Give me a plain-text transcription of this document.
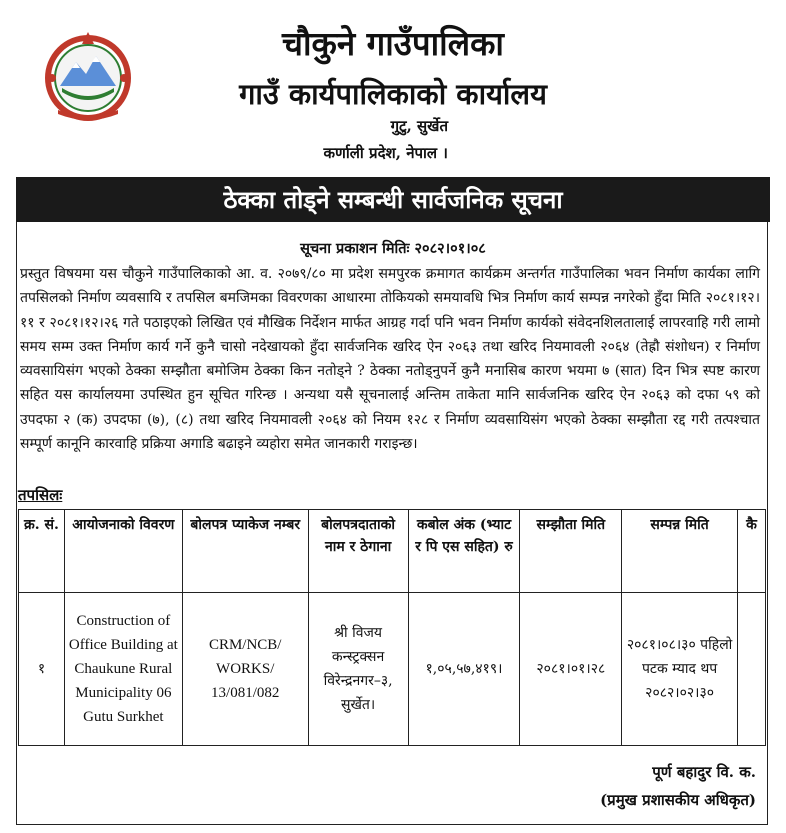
चौकुने गाउँपालिका
गाउँ कार्यपालिकाको कार्यालय
गुटु, सुर्खेत
कर्णाली प्रदेश, नेपाल ।
ठेक्का तोड्ने सम्बन्धी सार्वजनिक सूचना
सूचना प्रकाशन मितिः २०८२।०१।०८
प्रस्तुत विषयमा यस चौकुने गाउँपालिकाको आ. व. २०७९/८० मा प्रदेश समपुरक क्रमागत कार्यक्रम अन्तर्गत गाउँपालिका भवन निर्माण कार्यका लागि तपसिलको निर्माण व्यवसायि र तपसिल बमजिमका विवरणका आधारमा तोकियको समयावधि भित्र निर्माण कार्य सम्पन्न नगरेको हुँदा मिति २०८१।१२।११ र २०८१।१२।२६ गते पठाइएको लिखित एवं मौखिक निर्देशन मार्फत आग्रह गर्दा पनि भवन निर्माण कार्यको संवेदनशिलतालाई लापरवाहि गरी लामो समय सम्म उक्त निर्माण कार्य गर्ने कुनै चासो नदेखायको हुँदा सार्वजनिक खरिद ऐन २०६३ तथा खरिद नियमावली २०६४ (तेह्रौ संशोधन) र निर्माण व्यवसायिसंग भएको ठेक्का सम्झौता बमोजिम ठेक्का किन नतोड्ने ? ठेक्का नतोड्नुपर्ने कुनै मनासिब कारण भयमा ७ (सात) दिन भित्र स्पष्ट कारण सहित यस कार्यालयमा उपस्थित हुन सूचित गरिन्छ । अन्यथा यसै सूचनालाई अन्तिम ताकेता मानि सार्वजनिक खरिद ऐन २०६३ को दफा ५९ को उपदफा २ (क) उपदफा (७), (८) तथा खरिद नियमावली २०६४ को नियम १२८ र निर्माण व्यवसायिसंग भएको ठेक्का सम्झौता रद्द गरी तत्पश्चात सम्पूर्ण कानूनि कारवाहि प्रक्रिया अगाडि बढाइने व्यहोरा समेत जानकारी गराइन्छ।
तपसिलः
क्र. सं.	आयोजनाको विवरण	बोलपत्र प्याकेज नम्बर	बोलपत्रदाताको नाम र ठेगाना	कबोल अंक (भ्याट र पि एस सहित) रु	सम्झौता मिति	सम्पन्न मिति	कै
१	Construction of Office Building at Chaukune Rural Municipality 06 Gutu Surkhet	CRM/NCB/ WORKS/ 13/081/082	श्री विजय कन्स्ट्रक्सन विरेन्द्रनगर–३, सुर्खेत।	१,०५,५७,४१९।	२०८१।०१।२८	२०८१।०८।३० पहिलो पटक म्याद थप २०८२।०२।३०	
पूर्ण बहादुर वि. क.
(प्रमुख प्रशासकीय अधिकृत)
